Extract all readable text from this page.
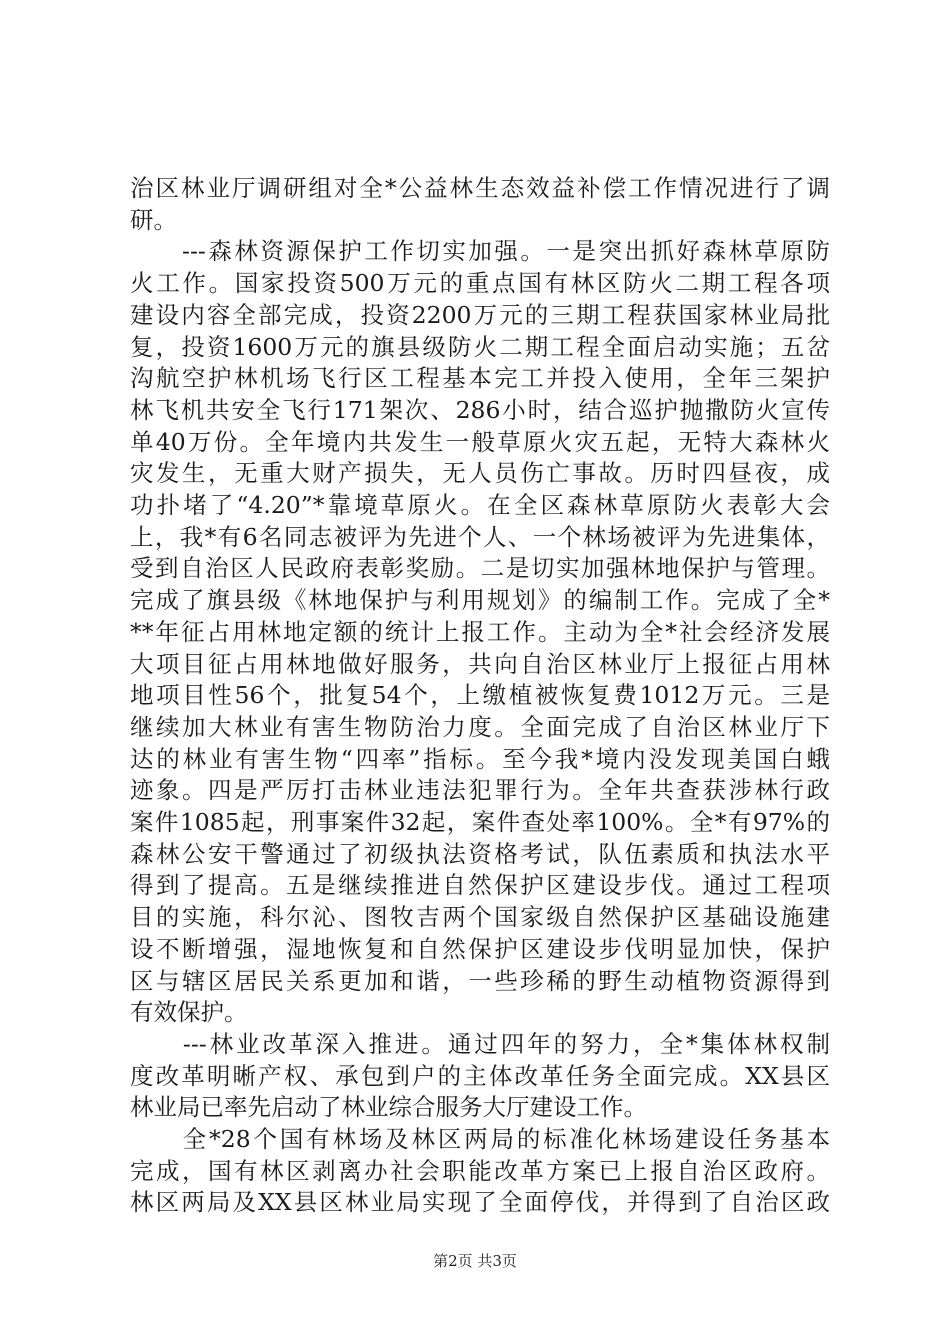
治区林业厅调研组对全*公益林生态效益补偿工作情况进行了调
研。
　　---森林资源保护工作切实加强。一是突出抓好森林草原防
火工作。国家投资500万元的重点国有林区防火二期工程各项
建设内容全部完成，投资2200万元的三期工程获国家林业局批
复，投资1600万元的旗县级防火二期工程全面启动实施；五岔
沟航空护林机场飞行区工程基本完工并投入使用，全年三架护
林飞机共安全飞行171架次、286小时，结合巡护抛撒防火宣传
单40万份。全年境内共发生一般草原火灾五起，无特大森林火
灾发生，无重大财产损失，无人员伤亡事故。历时四昼夜，成
功扑堵了“4.20”*靠境草原火。在全区森林草原防火表彰大会
上，我*有6名同志被评为先进个人、一个林场被评为先进集体，
受到自治区人民政府表彰奖励。二是切实加强林地保护与管理。
完成了旗县级《林地保护与利用规划》的编制工作。完成了全*
**年征占用林地定额的统计上报工作。主动为全*社会经济发展
大项目征占用林地做好服务，共向自治区林业厅上报征占用林
地项目性56个，批复54个，上缴植被恢复费1012万元。三是
继续加大林业有害生物防治力度。全面完成了自治区林业厅下
达的林业有害生物“四率”指标。至今我*境内没发现美国白蛾
迹象。四是严厉打击林业违法犯罪行为。全年共查获涉林行政
案件1085起，刑事案件32起，案件查处率100%。全*有97%的
森林公安干警通过了初级执法资格考试，队伍素质和执法水平
得到了提高。五是继续推进自然保护区建设步伐。通过工程项
目的实施，科尔沁、图牧吉两个国家级自然保护区基础设施建
设不断增强，湿地恢复和自然保护区建设步伐明显加快，保护
区与辖区居民关系更加和谐，一些珍稀的野生动植物资源得到
有效保护。
　　---林业改革深入推进。通过四年的努力，全*集体林权制
度改革明晰产权、承包到户的主体改革任务全面完成。XX县区
林业局已率先启动了林业综合服务大厅建设工作。
　　全*28个国有林场及林区两局的标准化林场建设任务基本
完成，国有林区剥离办社会职能改革方案已上报自治区政府。
林区两局及XX县区林业局实现了全面停伐，并得到了自治区政
第2页 共3页
